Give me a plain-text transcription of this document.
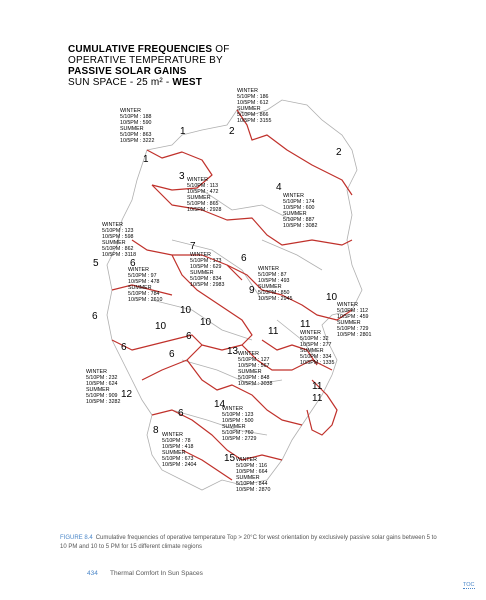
CUMULATIVE FREQUENCIES OF
OPERATIVE TEMPERATURE BY
PASSIVE SOLAR GAINS
SUN SPACE - 25 m² - WEST
WINTER
5/10PM : 188
10/5PM : 590
SUMMER
5/10PM : 863
10/5PM : 3222
1
WINTER
5/10PM : 186
10/5PM : 612
SUMMER
5/10PM : 866
10/5PM : 3155
2
WINTER
5/10PM : 113
10/5PM : 472
SUMMER
5/10PM : 865
10/5PM : 2928
3
WINTER
5/10PM : 174
10/5PM : 600
SUMMER
5/10PM : 887
10/5PM : 3082
4
WINTER
5/10PM : 123
10/5PM : 598
SUMMER
5/10PM : 862
10/5PM : 3118
5
WINTER
5/10PM : 97
10/5PM : 478
SUMMER
5/10PM : 784
10/5PM : 2610
6
WINTER
5/10PM : 173
10/5PM : 629
SUMMER
5/10PM : 834
10/5PM : 2983
7
WINTER
5/10PM : 87
10/5PM : 493
SUMMER
5/10PM : 850
10/5PM : 2945
9
WINTER
5/10PM : 112
10/5PM : 459
SUMMER
5/10PM : 729
10/5PM : 2801
10
WINTER
5/10PM : 32
10/5PM : 277
SUMMER
5/10PM : 334
10/5PM : 1335
11
WINTER
5/10PM : 232
10/5PM : 624
SUMMER
5/10PM : 909
10/5PM : 3282
12
WINTER
5/10PM : 127
10/5PM : 567
SUMMER
5/10PM : 848
10/5PM : 3038
13
WINTER
5/10PM : 123
10/5PM : 500
SUMMER
5/10PM : 760
10/5PM : 2729
14
WINTER
5/10PM : 78
10/5PM : 418
SUMMER
5/10PM : 673
10/5PM : 2404
8
WINTER
5/10PM : 116
10/5PM : 664
SUMMER
5/10PM : 844
10/5PM : 2870
15
1
2
6
6
6
6
6
6
10
10
10
11
11
11
FIGURE 8.4 Cumulative frequencies of operative temperature Top > 20°C for west orientation by exclusively passive solar gains between 5 to 10 PM and 10 to 5 PM for 15 different climate regions
434 Thermal Comfort In Sun Spaces
TOC
